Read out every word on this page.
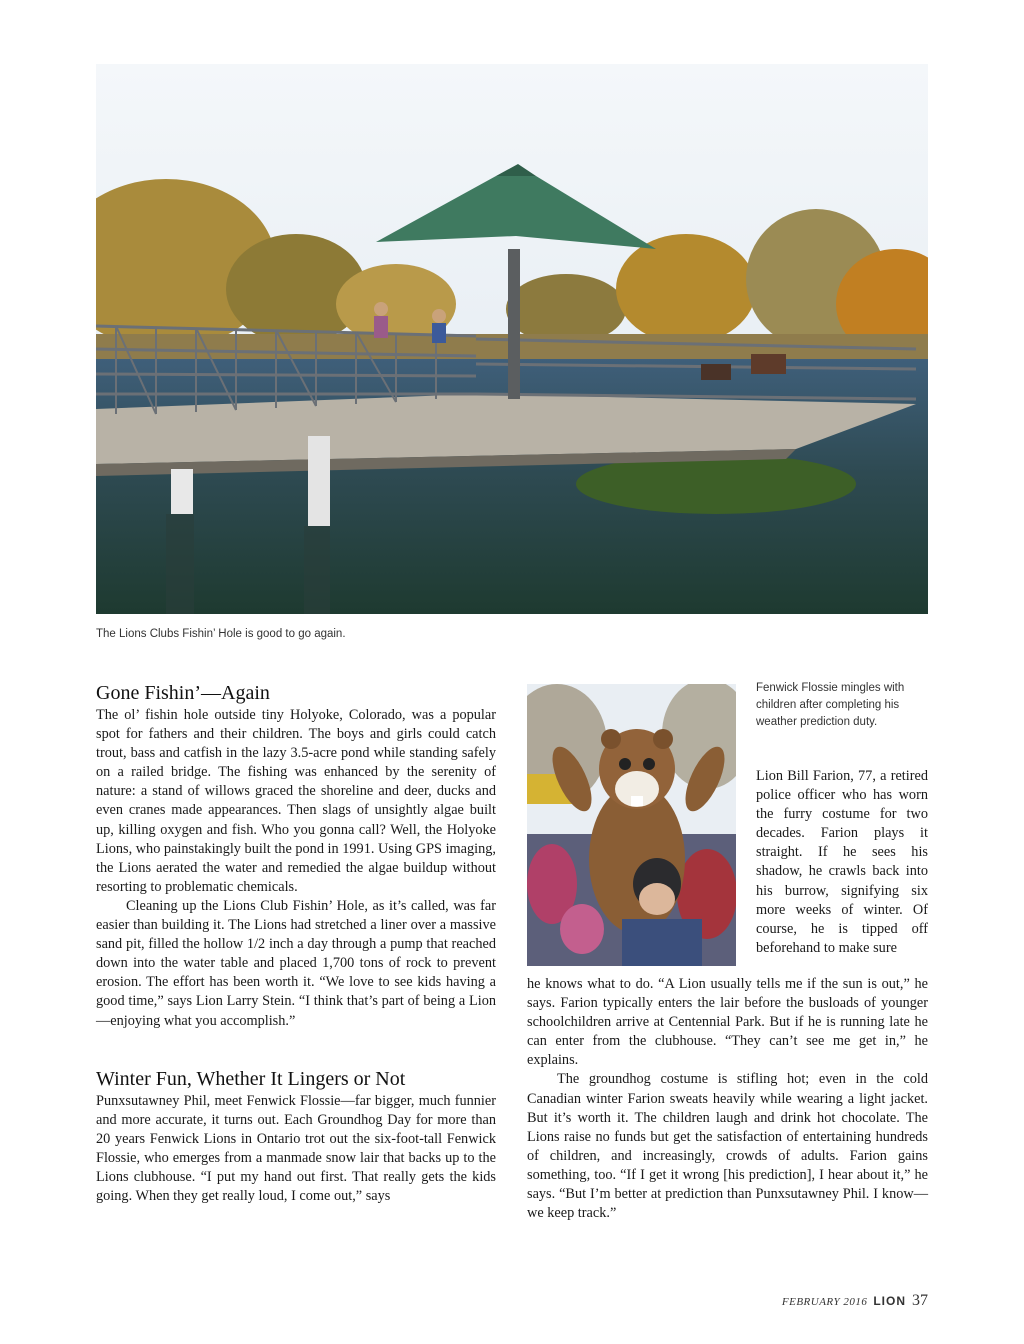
The Lions Clubs Fishin’ Hole is good to go again.
Gone Fishin’—Again

The ol’ fishin hole outside tiny Holyoke, Colorado, was a popular spot for fathers and their children. The boys and girls could catch trout, bass and catfish in the lazy 3.5-acre pond while standing safely on a railed bridge. The fishing was enhanced by the serenity of nature: a stand of willows graced the shoreline and deer, ducks and even cranes made appearances. Then slags of unsightly algae built up, killing oxygen and fish. Who you gonna call? Well, the Holyoke Lions, who painstakingly built the pond in 1991. Using GPS imaging, the Lions aerated the water and remedied the algae buildup without resorting to problematic chemicals.

Cleaning up the Lions Club Fishin’ Hole, as it’s called, was far easier than building it. The Lions had stretched a liner over a massive sand pit, filled the hollow 1/2 inch a day through a pump that reached down into the water table and placed 1,700 tons of rock to prevent erosion. The effort has been worth it. “We love to see kids having a good time,” says Lion Larry Stein. “I think that’s part of being a Lion—enjoying what you accomplish.”

Winter Fun, Whether It Lingers or Not

Punxsutawney Phil, meet Fenwick Flossie—far bigger, much funnier and more accurate, it turns out. Each Groundhog Day for more than 20 years Fenwick Lions in Ontario trot out the six-foot-tall Fenwick Flossie, who emerges from a manmade snow lair that backs up to the Lions clubhouse. “I put my hand out first. That really gets the kids going. When they get really loud, I come out,” says

Fenwick Flossie mingles with children after completing his weather prediction duty.

Lion Bill Farion, 77, a retired police officer who has worn the furry costume for two decades. Farion plays it straight. If he sees his shadow, he crawls back into his burrow, signifying six more weeks of winter. Of course, he is tipped off beforehand to make sure

he knows what to do. “A Lion usually tells me if the sun is out,” he says. Farion typically enters the lair before the busloads of younger schoolchildren arrive at Centennial Park. But if he is running late he can enter from the clubhouse. “They can’t see me get in,” he explains.

The groundhog costume is stifling hot; even in the cold Canadian winter Farion sweats heavily while wearing a light jacket. But it’s worth it. The children laugh and drink hot chocolate. The Lions raise no funds but get the satisfaction of entertaining hundreds of children, and increasingly, crowds of adults. Farion gains something, too. “If I get it wrong [his prediction], I hear about it,” he says. “But I’m better at prediction than Punxsutawney Phil. I know—we keep track.”

FEBRUARY 2016 LION 37
